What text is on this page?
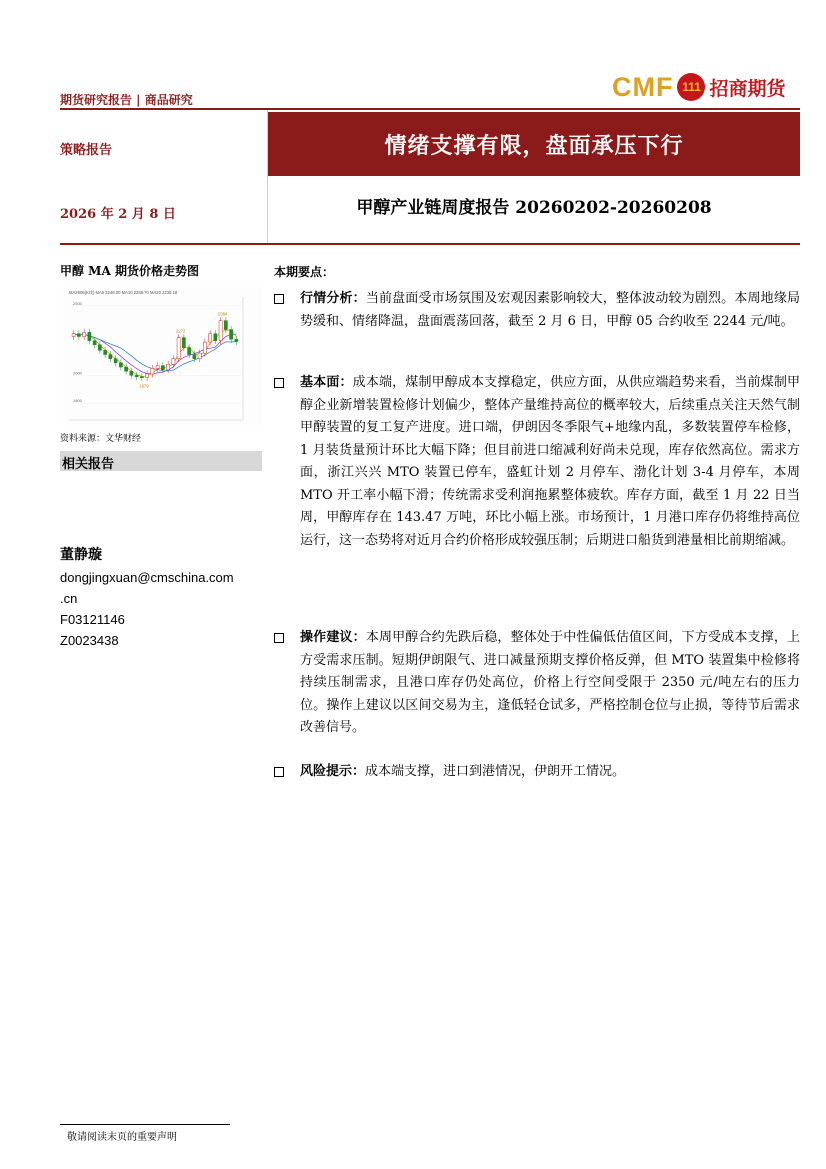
期货研究报告 | 商品研究	CMF 111 招商期货
策略报告	情绪支撑有限，盘面承压下行
2026 年 2 月 8 日	甲醇产业链周度报告 20260202-20260208
甲醇 MA 期货价格走势图
MA2605(K线) MA5 2248.00 MA10 2285.70 MA20 2235.18
2500
2000
1800
2394
2272
1979
资料来源：文华财经
相关报告
董静璇
dongjingxuan@cmschina.com
.cn
F03121146
Z0023438
本期要点：
行情分析：当前盘面受市场氛围及宏观因素影响较大，整体波动较为剧烈。本周地缘局势缓和、情绪降温，盘面震荡回落，截至 2 月 6 日，甲醇 05 合约收至 2244 元/吨。
基本面：成本端，煤制甲醇成本支撑稳定，供应方面，从供应端趋势来看，当前煤制甲醇企业新增装置检修计划偏少，整体产量维持高位的概率较大，后续重点关注天然气制甲醇装置的复工复产进度。进口端，伊朗因冬季限气+地缘内乱，多数装置停车检修，1 月装货量预计环比大幅下降；但目前进口缩减利好尚未兑现，库存依然高位。需求方面，浙江兴兴 MTO 装置已停车，盛虹计划 2 月停车、渤化计划 3-4 月停车，本周 MTO 开工率小幅下滑；传统需求受利润拖累整体疲软。库存方面，截至 1 月 22 日当周，甲醇库存在 143.47 万吨，环比小幅上涨。市场预计，1 月港口库存仍将维持高位运行，这一态势将对近月合约价格形成较强压制；后期进口船货到港量相比前期缩减。
操作建议：本周甲醇合约先跌后稳，整体处于中性偏低估值区间，下方受成本支撑，上方受需求压制。短期伊朗限气、进口减量预期支撑价格反弹，但 MTO 装置集中检修将持续压制需求，且港口库存仍处高位，价格上行空间受限于 2350 元/吨左右的压力位。操作上建议以区间交易为主，逢低轻仓试多，严格控制仓位与止损，等待节后需求改善信号。
风险提示：成本端支撑，进口到港情况，伊朗开工情况。
敬请阅读末页的重要声明
